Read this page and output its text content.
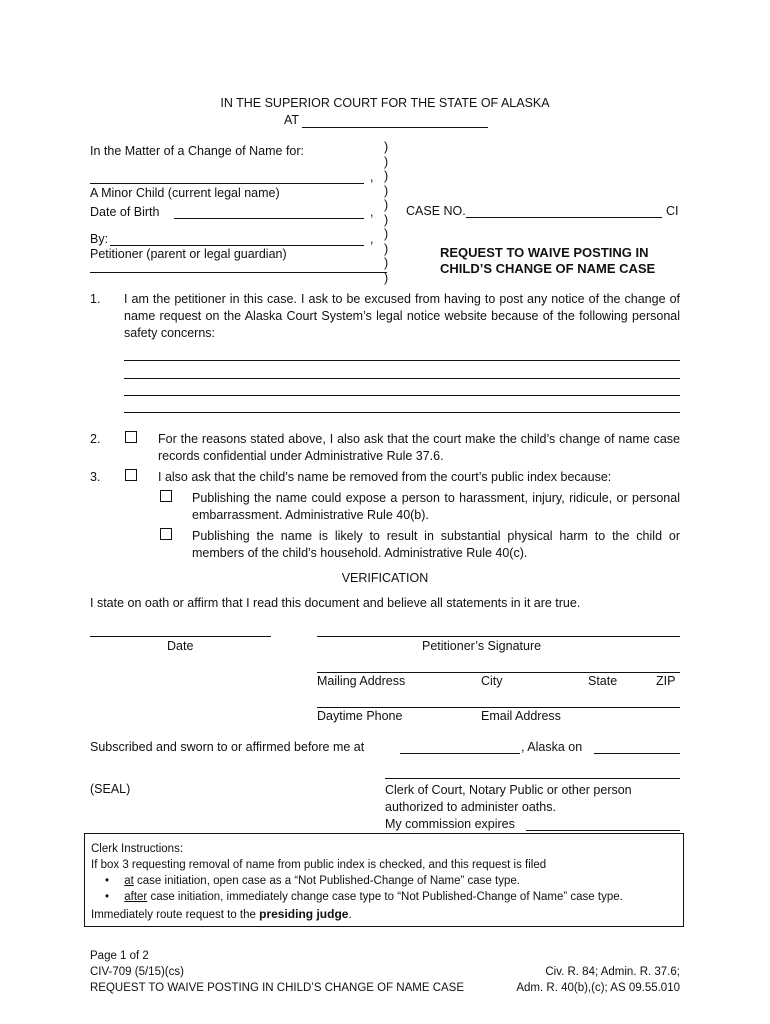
IN THE SUPERIOR COURT FOR THE STATE OF ALASKA
AT
In the Matter of a Change of Name for:
,
A Minor Child (current legal name)
Date of Birth	,
By:	,
Petitioner (parent or legal guardian)
)
)
)
)
)
)
)
)
)
)
CASE NO.	CI
REQUEST TO WAIVE POSTING IN
CHILD’S CHANGE OF NAME CASE
1. I am the petitioner in this case. I ask to be excused from having to post any notice of the change of name request on the Alaska Court System’s legal notice website because of the following personal safety concerns:
2.	For the reasons stated above, I also ask that the court make the child’s change of name case records confidential under Administrative Rule 37.6.
3.	I also ask that the child’s name be removed from the court’s public index because:
Publishing the name could expose a person to harassment, injury, ridicule, or personal embarrassment. Administrative Rule 40(b).
Publishing the name is likely to result in substantial physical harm to the child or members of the child’s household. Administrative Rule 40(c).
VERIFICATION
I state on oath or affirm that I read this document and believe all statements in it are true.
Date	Petitioner’s Signature
Mailing Address	City	State	ZIP
Daytime Phone	Email Address
Subscribed and sworn to or affirmed before me at	, Alaska on
(SEAL)	Clerk of Court, Notary Public or other person
authorized to administer oaths.
My commission expires
Clerk Instructions:
If box 3 requesting removal of name from public index is checked, and this request is filed
• at case initiation, open case as a “Not Published-Change of Name” case type.
• after case initiation, immediately change case type to “Not Published-Change of Name” case type.
Immediately route request to the presiding judge.
Page 1 of 2
CIV-709 (5/15)(cs)
REQUEST TO WAIVE POSTING IN CHILD’S CHANGE OF NAME CASE
Civ. R. 84; Admin. R. 37.6;
Adm. R. 40(b),(c); AS 09.55.010
